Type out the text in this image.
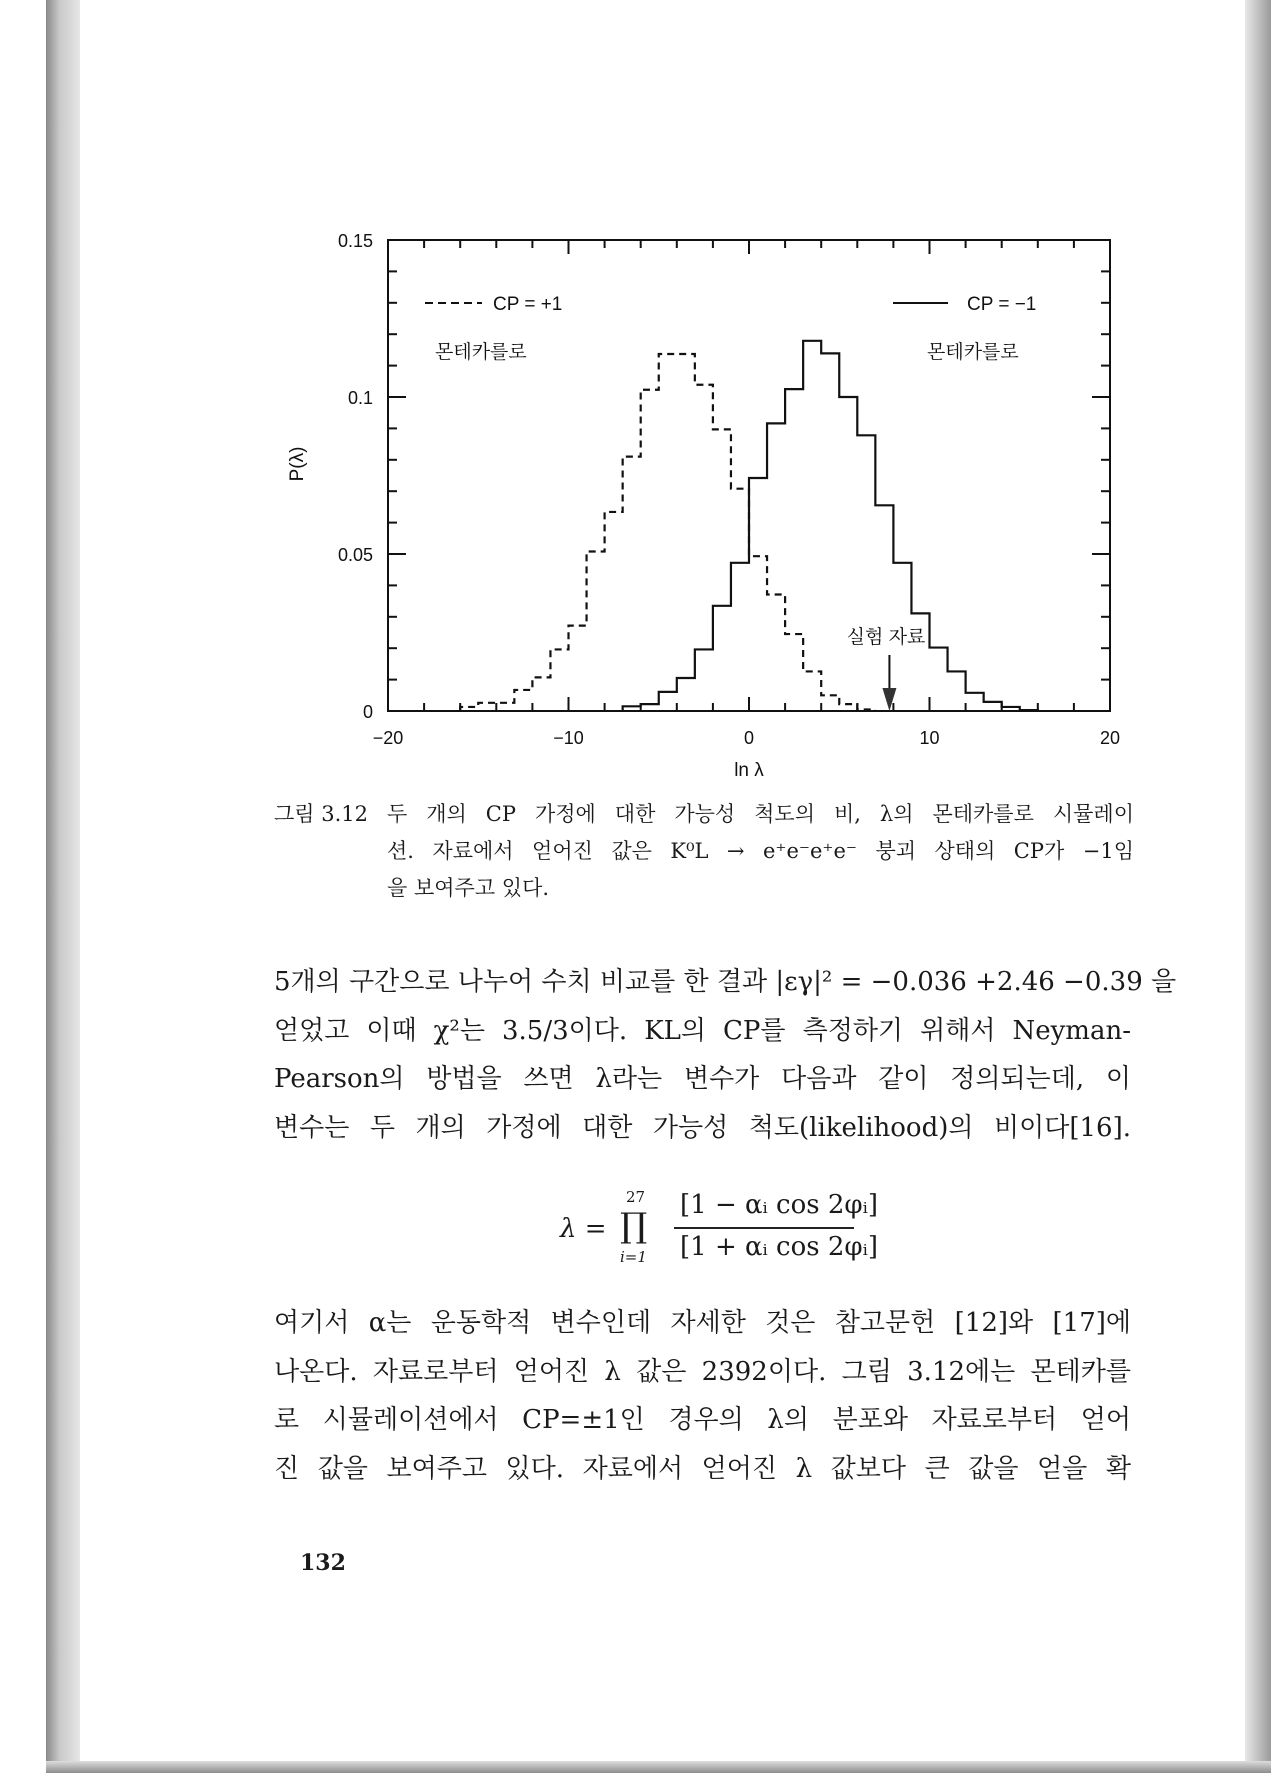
−20	−10	0	10	20
0
0.05
0.1
0.15
P(λ)
ln λ
CP = +1
몬테카를로
CP = −1
몬테카를로
실험 자료
그림 3.12 두 개의 CP 가정에 대한 가능성 척도의 비, λ의 몬테카를로 시뮬레이
션. 자료에서 얻어진 값은 K⁰L → e⁺e⁻e⁺e⁻ 붕괴 상태의 CP가 −1임
을 보여주고 있다.
5개의 구간으로 나누어 수치 비교를 한 결과 |εγ|² = −0.036 +2.46 −0.39 을
얻었고 이때 χ²는 3.5/3이다. KL의 CP를 측정하기 위해서 Neyman-
Pearson의 방법을 쓰면 λ라는 변수가 다음과 같이 정의되는데, 이
변수는 두 개의 가정에 대한 가능성 척도(likelihood)의 비이다[16].
λ =
27
∏
i=1
[1 − αᵢ cos 2φᵢ]
[1 + αᵢ cos 2φᵢ]
여기서 α는 운동학적 변수인데 자세한 것은 참고문헌 [12]와 [17]에
나온다. 자료로부터 얻어진 λ 값은 2392이다. 그림 3.12에는 몬테카를
로 시뮬레이션에서 CP=±1인 경우의 λ의 분포와 자료로부터 얻어
진 값을 보여주고 있다. 자료에서 얻어진 λ 값보다 큰 값을 얻을 확
132
